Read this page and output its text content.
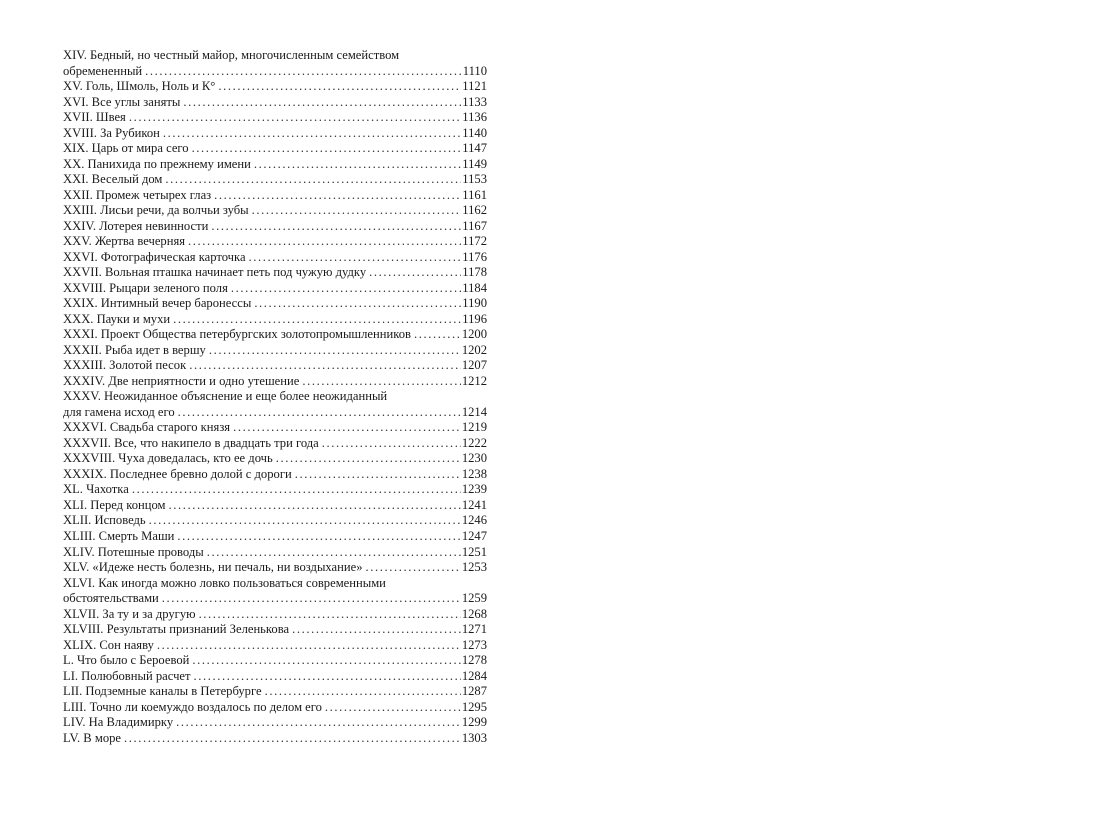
XIV. Бедный, но честный майор, многочисленным семейством
обремененный .....	1110
XV. Голь, Шмоль, Ноль и К° .....	1121
XVI. Все углы заняты .....	1133
XVII. Швея .....	1136
XVIII. За Рубикон .....	1140
XIX. Царь от мира сего .....	1147
XX. Панихида по прежнему имени .....	1149
XXI. Веселый дом .....	1153
XXII. Промеж четырех глаз .....	1161
XXIII. Лисьи речи, да волчьи зубы .....	1162
XXIV. Лотерея невинности .....	1167
XXV. Жертва вечерняя .....	1172
XXVI. Фотографическая карточка .....	1176
XXVII. Вольная пташка начинает петь под чужую дудку .....	1178
XXVIII. Рыцари зеленого поля .....	1184
XXIX. Интимный вечер баронессы .....	1190
XXX. Пауки и мухи .....	1196
XXXI. Проект Общества петербургских золотопромышленников .....	1200
XXXII. Рыба идет в вершу .....	1202
XXXIII. Золотой песок .....	1207
XXXIV. Две неприятности и одно утешение .....	1212
XXXV. Неожиданное объяснение и еще более неожиданный
для гамена исход его .....	1214
XXXVI. Свадьба старого князя .....	1219
XXXVII. Все, что накипело в двадцать три года .....	1222
XXXVIII. Чуха доведалась, кто ее дочь .....	1230
XXXIX. Последнее бревно долой с дороги .....	1238
XL. Чахотка .....	1239
XLI. Перед концом .....	1241
XLII. Исповедь .....	1246
XLIII. Смерть Маши .....	1247
XLIV. Потешные проводы .....	1251
XLV. «Идеже несть болезнь, ни печаль, ни воздыхание» .....	1253
XLVI. Как иногда можно ловко пользоваться современными
обстоятельствами .....	1259
XLVII. За ту и за другую .....	1268
XLVIII. Результаты признаний Зеленькова .....	1271
XLIX. Сон наяву .....	1273
L. Что было с Бероевой .....	1278
LI. Полюбовный расчет .....	1284
LII. Подземные каналы в Петербурге .....	1287
LIII. Точно ли коемуждо воздалось по делом его .....	1295
LIV. На Владимирку .....	1299
LV. В море .....	1303
